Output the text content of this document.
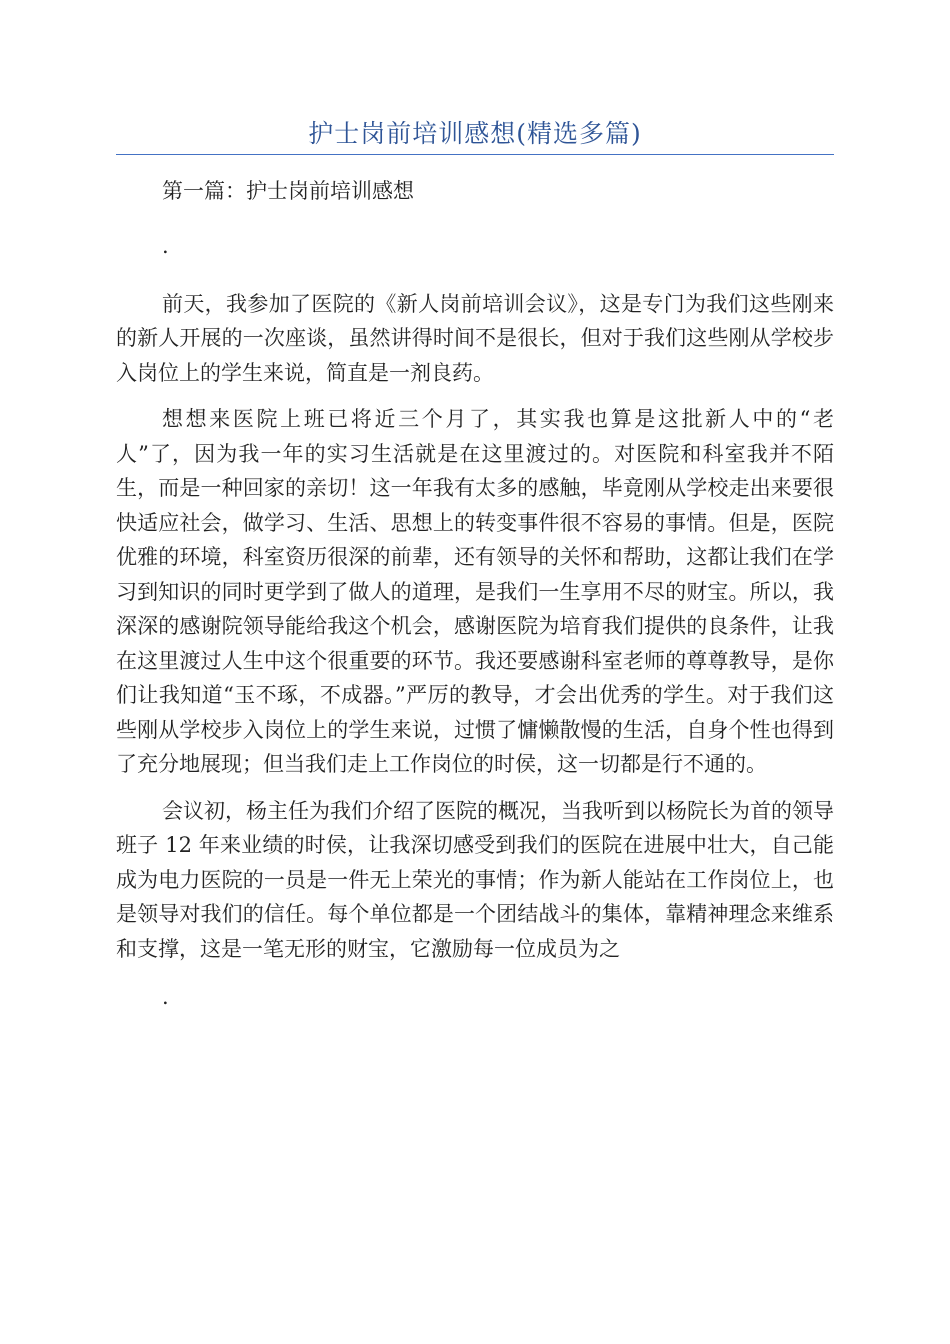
护士岗前培训感想(精选多篇)

第一篇：护士岗前培训感想

.

前天，我参加了医院的《新人岗前培训会议》，这是专门为我们这些刚来的新人开展的一次座谈，虽然讲得时间不是很长，但对于我们这些刚从学校步入岗位上的学生来说，简直是一剂良药。

想想来医院上班已将近三个月了，其实我也算是这批新人中的“老人”了，因为我一年的实习生活就是在这里渡过的。对医院和科室我并不陌生，而是一种回家的亲切！这一年我有太多的感触，毕竟刚从学校走出来要很快适应社会，做学习、生活、思想上的转变事件很不容易的事情。但是，医院优雅的环境，科室资历很深的前辈，还有领导的关怀和帮助，这都让我们在学习到知识的同时更学到了做人的道理，是我们一生享用不尽的财宝。所以，我深深的感谢院领导能给我这个机会，感谢医院为培育我们提供的良条件，让我在这里渡过人生中这个很重要的环节。我还要感谢科室老师的尊尊教导，是你们让我知道“玉不琢，不成器。”严厉的教导，才会出优秀的学生。对于我们这些刚从学校步入岗位上的学生来说，过惯了慵懒散慢的生活，自身个性也得到了充分地展现；但当我们走上工作岗位的时侯，这一切都是行不通的。

会议初，杨主任为我们介绍了医院的概况，当我听到以杨院长为首的领导班子 12 年来业绩的时侯，让我深切感受到我们的医院在进展中壮大，自己能成为电力医院的一员是一件无上荣光的事情；作为新人能站在工作岗位上，也是领导对我们的信任。每个单位都是一个团结战斗的集体，靠精神理念来维系和支撑，这是一笔无形的财宝，它激励每一位成员为之

.
